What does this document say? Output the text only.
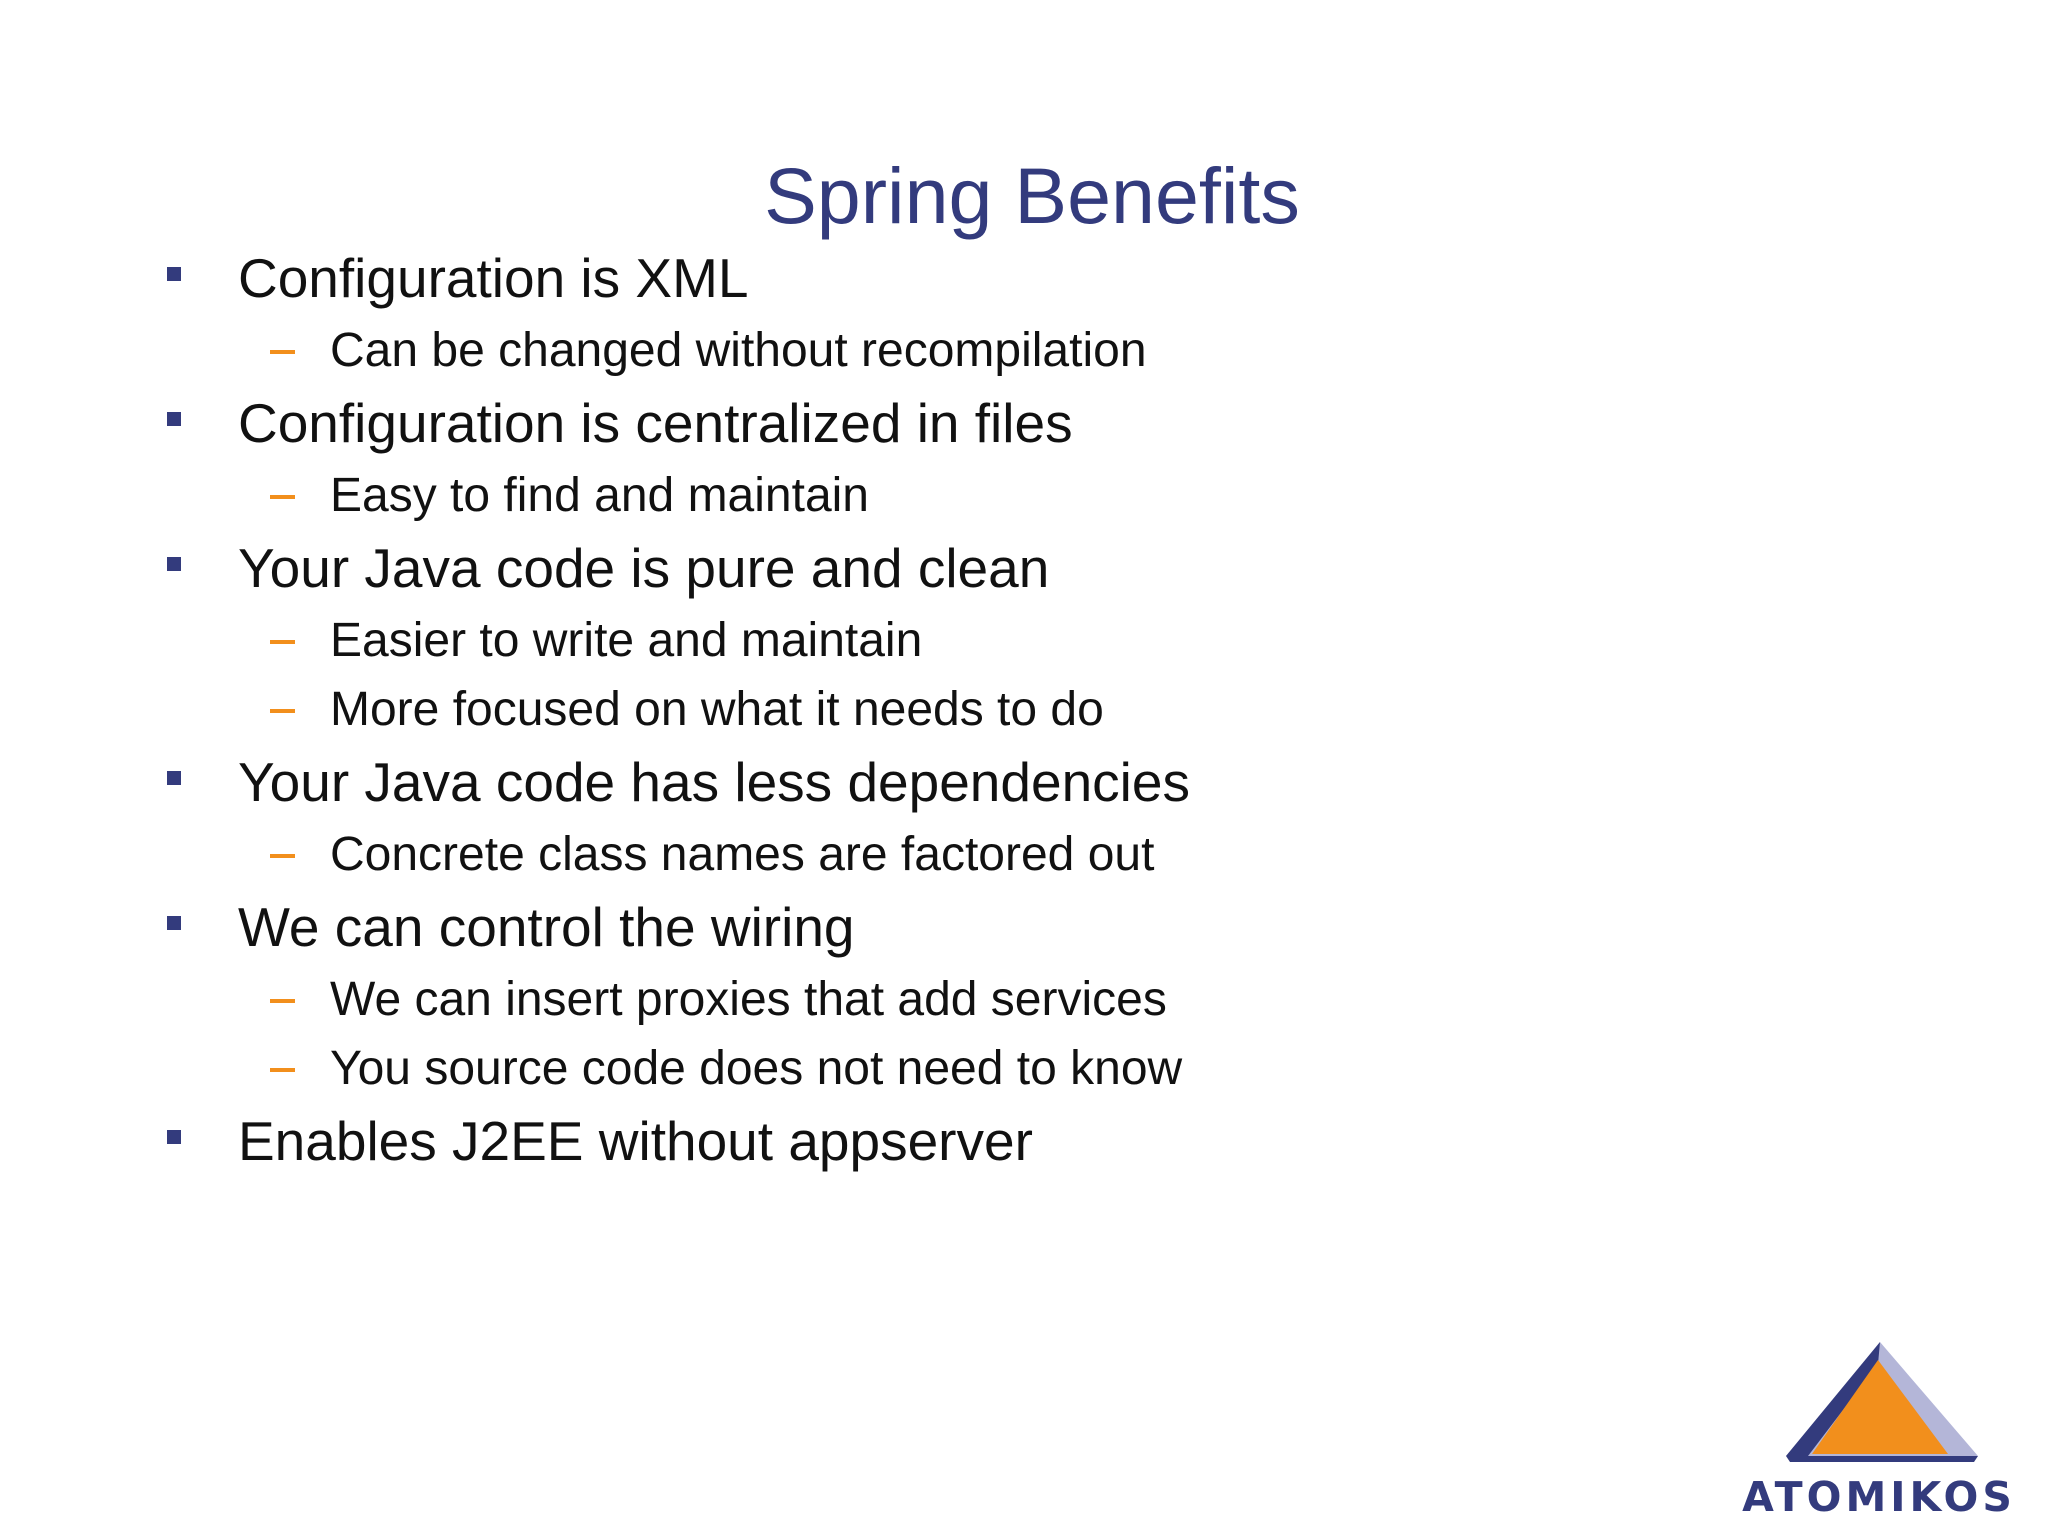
Spring Benefits
Configuration is XML
Can be changed without recompilation
Configuration is centralized in files
Easy to find and maintain
Your Java code is pure and clean
Easier to write and maintain
More focused on what it needs to do
Your Java code has less dependencies
Concrete class names are factored out
We can control the wiring
We can insert proxies that add services
You source code does not need to know
Enables J2EE without appserver
ATOMIKOS
